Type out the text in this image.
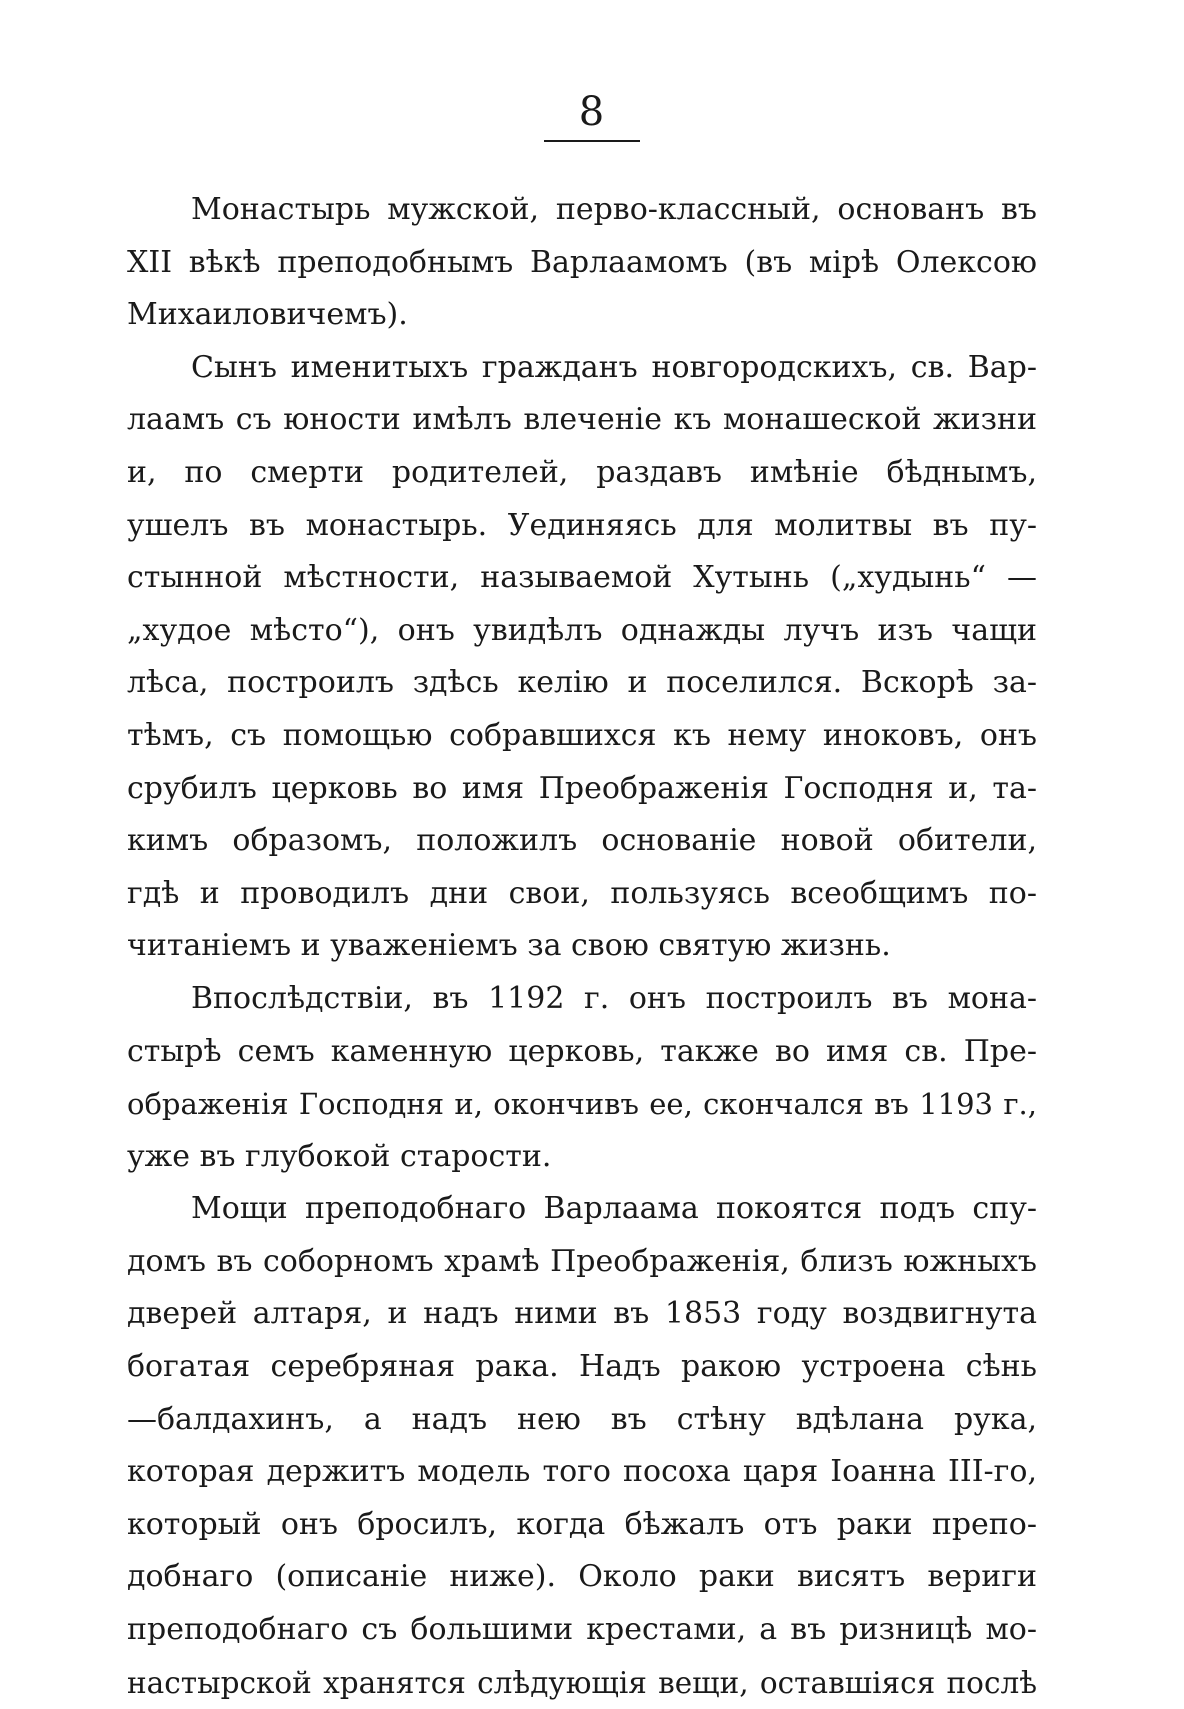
8

Монастырь мужской, перво-классный, основанъ въ
XII вѣкѣ преподобнымъ Варлаамомъ (въ мірѣ Олексою
Михаиловичемъ).

Сынъ именитыхъ гражданъ новгородскихъ, св. Вар-
лаамъ съ юности имѣлъ влеченіе къ монашеской жизни
и, по смерти родителей, раздавъ имѣніе бѣднымъ,
ушелъ въ монастырь. Уединяясь для молитвы въ пу-
стынной мѣстности, называемой Хутынь („худынь“ —
„худое мѣсто“), онъ увидѣлъ однажды лучъ изъ чащи
лѣса, построилъ здѣсь келію и поселился. Вскорѣ за-
тѣмъ, съ помощью собравшихся къ нему иноковъ, онъ
срубилъ церковь во имя Преображенія Господня и, та-
кимъ образомъ, положилъ основаніе новой обители,
гдѣ и проводилъ дни свои, пользуясь всеобщимъ по-
читаніемъ и уваженіемъ за свою святую жизнь.

Впослѣдствіи, въ 1192 г. онъ построилъ въ мона-
стырѣ семъ каменную церковь, также во имя св. Пре-
ображенія Господня и, окончивъ ее, скончался въ 1193 г.,
уже въ глубокой старости.

Мощи преподобнаго Варлаама покоятся подъ спу-
домъ въ соборномъ храмѣ Преображенія, близъ южныхъ
дверей алтаря, и надъ ними въ 1853 году воздвигнута
богатая серебряная рака. Надъ ракою устроена сѣнь
—балдахинъ, а надъ нею въ стѣну вдѣлана рука,
которая держитъ модель того посоха царя Іоанна III-го,
который онъ бросилъ, когда бѣжалъ отъ раки препо-
добнаго (описаніе ниже). Около раки висятъ вериги
преподобнаго съ большими крестами, а въ ризницѣ мо-
настырской хранятся слѣдующія вещи, оставшіяся послѣ
